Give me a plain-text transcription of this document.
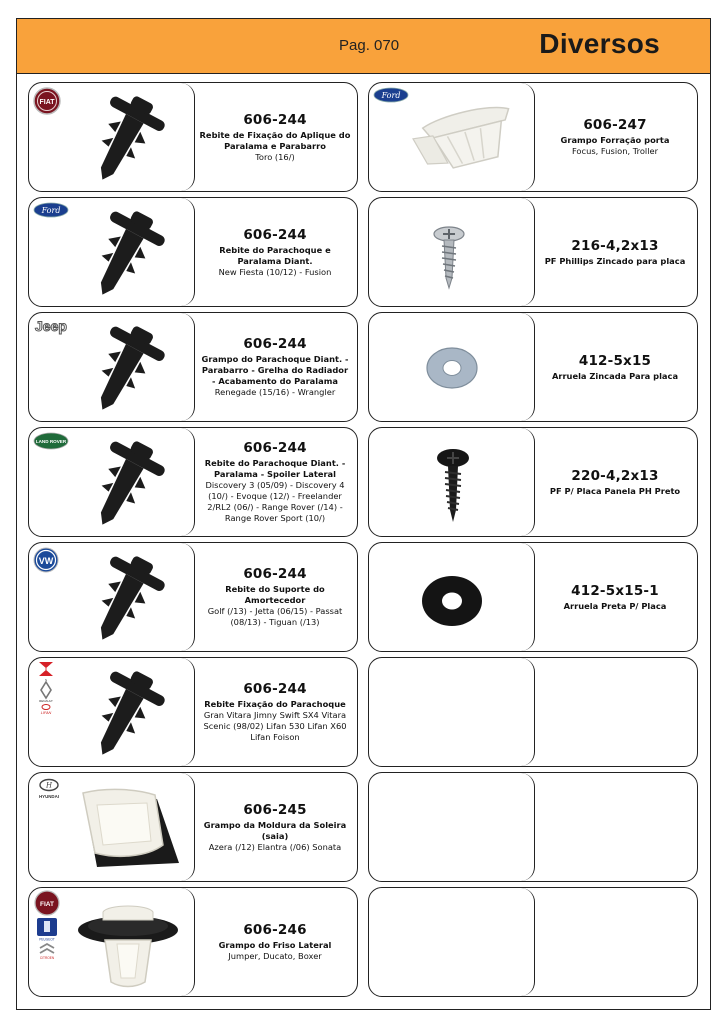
Pag. 070	Diversos
FIAT
606-244
Rebite de Fixação do Aplique do Paralama e Parabarro
Toro (16/)
Ford
606-244
Rebite do Parachoque e Paralama Diant.
New Fiesta (10/12) - Fusion
Jeep
606-244
Grampo do Parachoque Diant. - Parabarro - Grelha do Radiador - Acabamento do Paralama
Renegade (15/16) - Wrangler
LAND ROVER	606-244
Rebite do Parachoque Diant. - Paralama - Spoiler Lateral
Discovery 3 (05/09) - Discovery 4 (10/) - Evoque (12/) - Freelander 2/RL2 (06/) - Range Rover (/14) - Range Rover Sport (10/)
VW
606-244
Rebite do Suporte do Amortecedor
Golf (/13) - Jetta (06/15) - Passat (08/13) - Tiguan (/13)
S
RENAULT
LIFAN
606-244
Rebite Fixação do Parachoque
Gran Vitara Jimny Swift SX4 Vitara Scenic (98/02) Lifan 530 Lifan X60 Lifan Foison
H
HYUNDAI
606-245
Grampo da Moldura da Soleira (saia)
Azera (/12) Elantra (/06) Sonata
FIAT
PEUGEOT
CITROEN
606-246
Grampo do Friso Lateral
Jumper, Ducato, Boxer
Ford
606-247
Grampo Forração porta
Focus, Fusion, Troller
216-4,2x13
PF Phillips Zincado para placa
412-5x15
Arruela Zincada Para placa
220-4,2x13
PF P/ Placa Panela PH Preto
412-5x15-1
Arruela Preta P/ Placa
